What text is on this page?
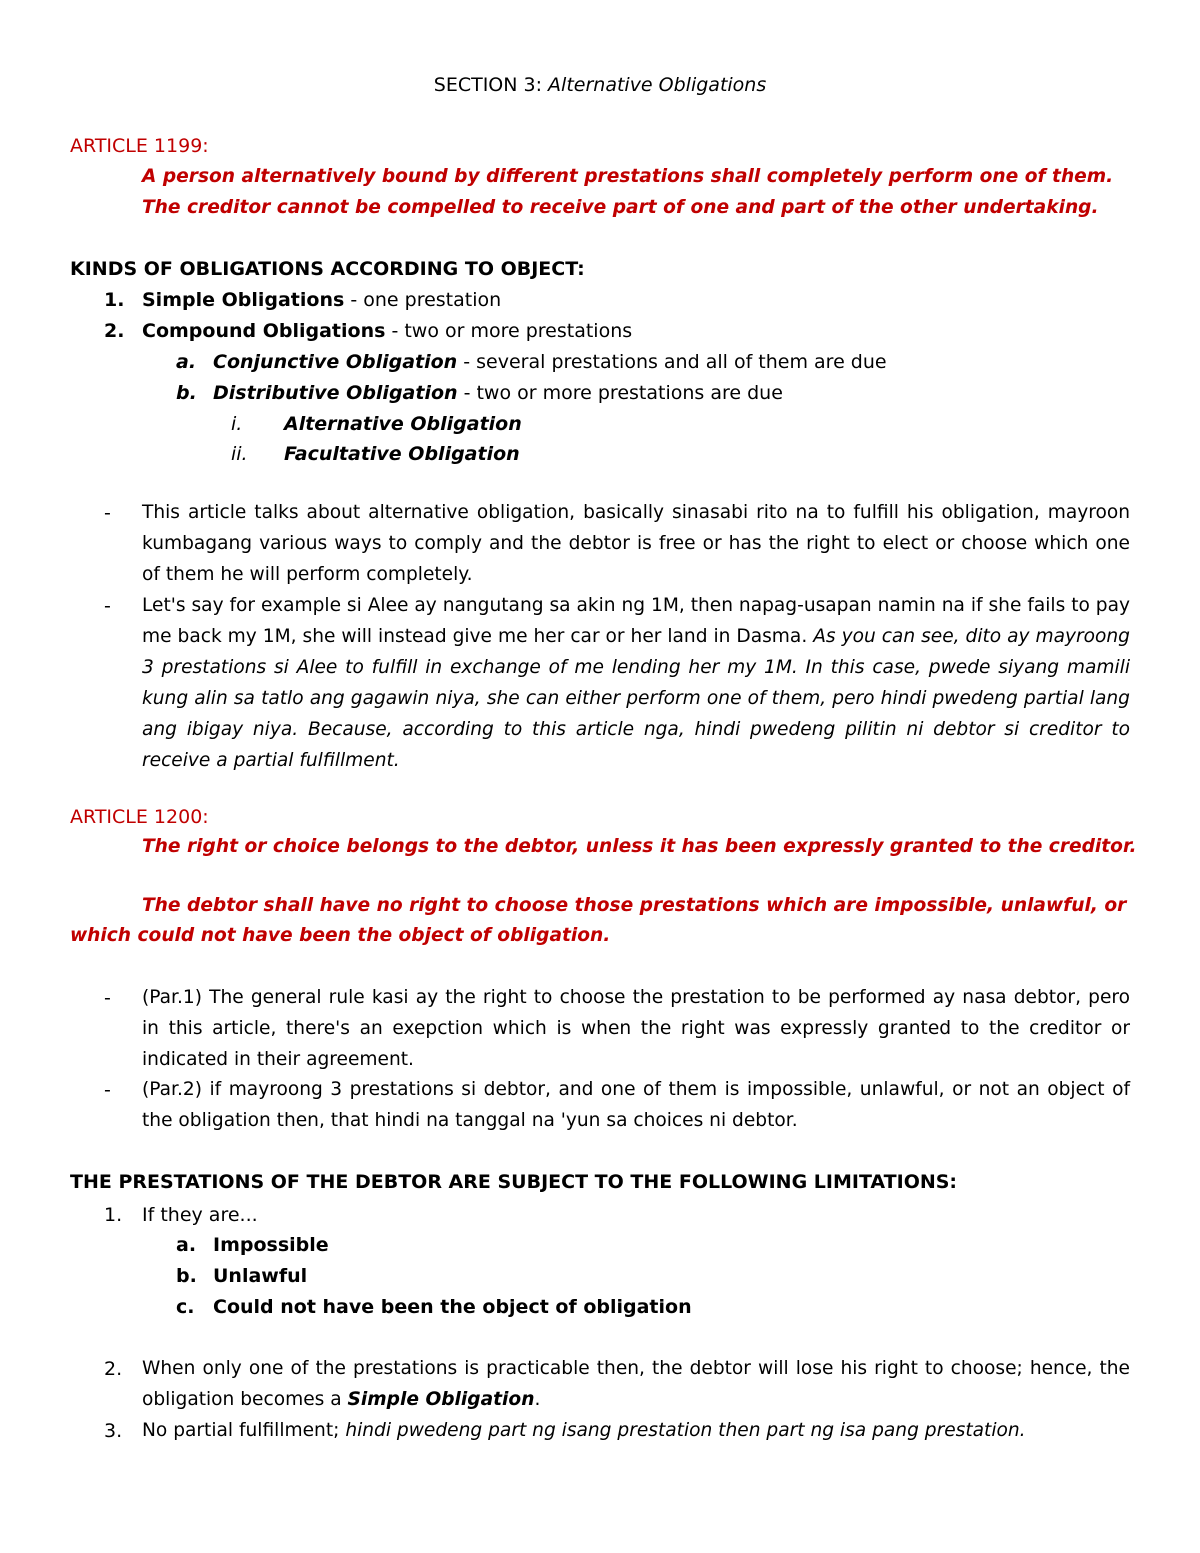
SECTION 3: Alternative Obligations
ARTICLE 1199:
A person alternatively bound by different prestations shall completely perform one of them.
The creditor cannot be compelled to receive part of one and part of the other undertaking.
KINDS OF OBLIGATIONS ACCORDING TO OBJECT:
1. Simple Obligations - one prestation
2. Compound Obligations - two or more prestations
a. Conjunctive Obligation - several prestations and all of them are due
b. Distributive Obligation - two or more prestations are due
i. Alternative Obligation
ii. Facultative Obligation
- This article talks about alternative obligation, basically sinasabi rito na to fulfill his obligation, mayroon kumbagang various ways to comply and the debtor is free or has the right to elect or choose which one of them he will perform completely.
- Let's say for example si Alee ay nangutang sa akin ng 1M, then napag-usapan namin na if she fails to pay me back my 1M, she will instead give me her car or her land in Dasma. As you can see, dito ay mayroong 3 prestations si Alee to fulfill in exchange of me lending her my 1M. In this case, pwede siyang mamili kung alin sa tatlo ang gagawin niya, she can either perform one of them, pero hindi pwedeng partial lang ang ibigay niya. Because, according to this article nga, hindi pwedeng pilitin ni debtor si creditor to receive a partial fulfillment.
ARTICLE 1200:
The right or choice belongs to the debtor, unless it has been expressly granted to the creditor.
The debtor shall have no right to choose those prestations which are impossible, unlawful, or
which could not have been the object of obligation.
- (Par.1) The general rule kasi ay the right to choose the prestation to be performed ay nasa debtor, pero in this article, there's an exepction which is when the right was expressly granted to the creditor or indicated in their agreement.
- (Par.2) if mayroong 3 prestations si debtor, and one of them is impossible, unlawful, or not an object of the obligation then, that hindi na tanggal na 'yun sa choices ni debtor.
THE PRESTATIONS OF THE DEBTOR ARE SUBJECT TO THE FOLLOWING LIMITATIONS:
1. If they are...
a. Impossible
b. Unlawful
c. Could not have been the object of obligation
2. When only one of the prestations is practicable then, the debtor will lose his right to choose; hence, the obligation becomes a Simple Obligation.
3. No partial fulfillment; hindi pwedeng part ng isang prestation then part ng isa pang prestation.
